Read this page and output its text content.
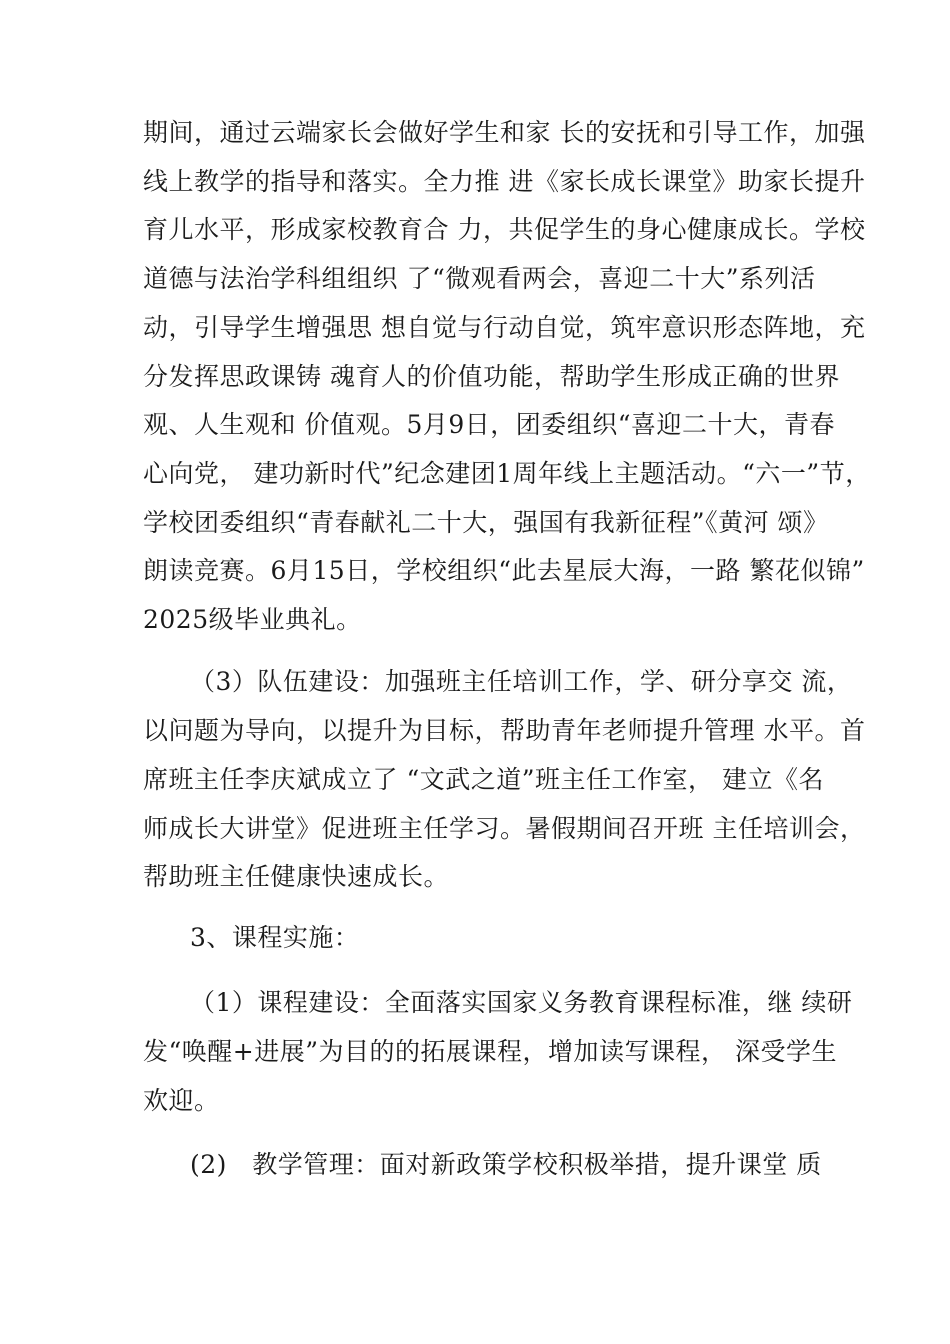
期间，通过云端家长会做好学生和家 长的安抚和引导工作，加强
线上教学的指导和落实。全力推 进《家长成长课堂》助家长提升
育儿水平，形成家校教育合 力，共促学生的身心健康成长。学校
道德与法治学科组组织 了“微观看两会，喜迎二十大”系列活
动，引导学生增强思 想自觉与行动自觉，筑牢意识形态阵地，充
分发挥思政课铸 魂育人的价值功能，帮助学生形成正确的世界
观、人生观和 价值观。5月9日，团委组织“喜迎二十大，青春
心向党， 建功新时代”纪念建团1周年线上主题活动。“六一”节，
学校团委组织“青春献礼二十大，强国有我新征程”《黄河 颂》
朗读竞赛。6月15日，学校组织“此去星辰大海，一路 繁花似锦”
2025级毕业典礼。
（3）队伍建设：加强班主任培训工作，学、研分享交 流，
以问题为导向，以提升为目标，帮助青年老师提升管理 水平。首
席班主任李庆斌成立了 “文武之道”班主任工作室， 建立《名
师成长大讲堂》促进班主任学习。暑假期间召开班 主任培训会，
帮助班主任健康快速成长。
3、课程实施：
（1）课程建设：全面落实国家义务教育课程标准，继 续研
发“唤醒+进展”为目的的拓展课程，增加读写课程， 深受学生
欢迎。
(2)   教学管理：面对新政策学校积极举措，提升课堂 质
